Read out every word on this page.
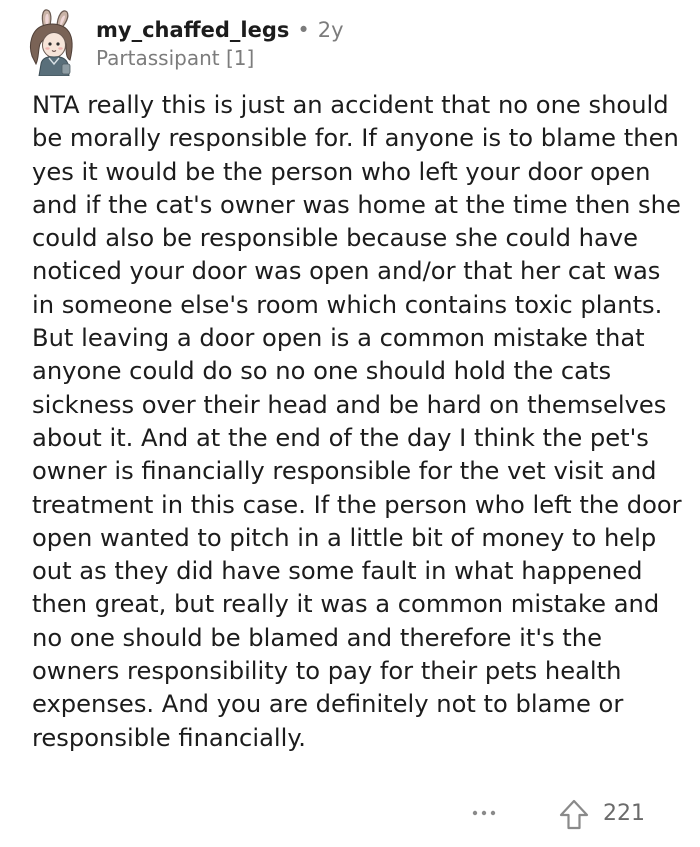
my_chaffed_legs • 2y
Partassipant [1]

NTA really this is just an accident that no one should be morally responsible for. If anyone is to blame then yes it would be the person who left your door open and if the cat's owner was home at the time then she could also be responsible because she could have noticed your door was open and/or that her cat was in someone else's room which contains toxic plants. But leaving a door open is a common mistake that anyone could do so no one should hold the cats sickness over their head and be hard on themselves about it. And at the end of the day I think the pet's owner is financially responsible for the vet visit and treatment in this case. If the person who left the door open wanted to pitch in a little bit of money to help out as they did have some fault in what happened then great, but really it was a common mistake and no one should be blamed and therefore it's the owners responsibility to pay for their pets health expenses. And you are definitely not to blame or responsible financially.

221
